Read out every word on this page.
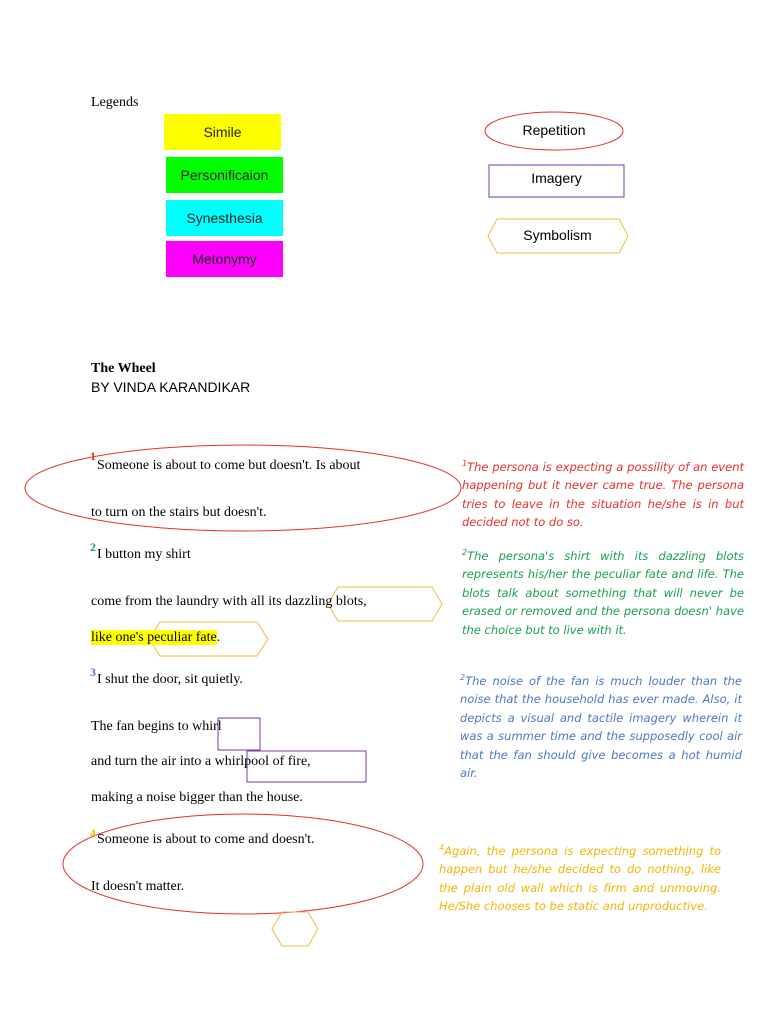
Legends
Simile
Personificaion
Synesthesia
Metonymy
Repetition
Imagery
Symbolism
The Wheel
BY VINDA KARANDIKAR
1
Someone is about to come but doesn't. Is about
to turn on the stairs but doesn't.
2 I button my shirt
come from the laundry with all its dazzling blots,
like one's peculiar fate.
3 I shut the door, sit quietly.
The fan begins to whirl
and turn the air into a whirlpool of fire,
making a noise bigger than the house.
4 Someone is about to come and doesn't.
It doesn't matter.
$^1$The persona is expecting a possility of an event happening but it never came true. The persona tries to leave in the situation he/she is in but decided not to do so.
$^2$The persona's shirt with its dazzling blots represents his/her the peculiar fate and life. The blots talk about something that will never be erased or removed and the persona doesn' have the choice but to live with it.
$^2$The noise of the fan is much louder than the noise that the household has ever made. Also, it depicts a visual and tactile imagery wherein it was a summer time and the supposedly cool air that the fan should give becomes a hot humid air.
$^4$Again, the persona is expecting something to happen but he/she decided to do nothing, like the plain old wall which is firm and unmoving. He/She chooses to be static and unproductive.
